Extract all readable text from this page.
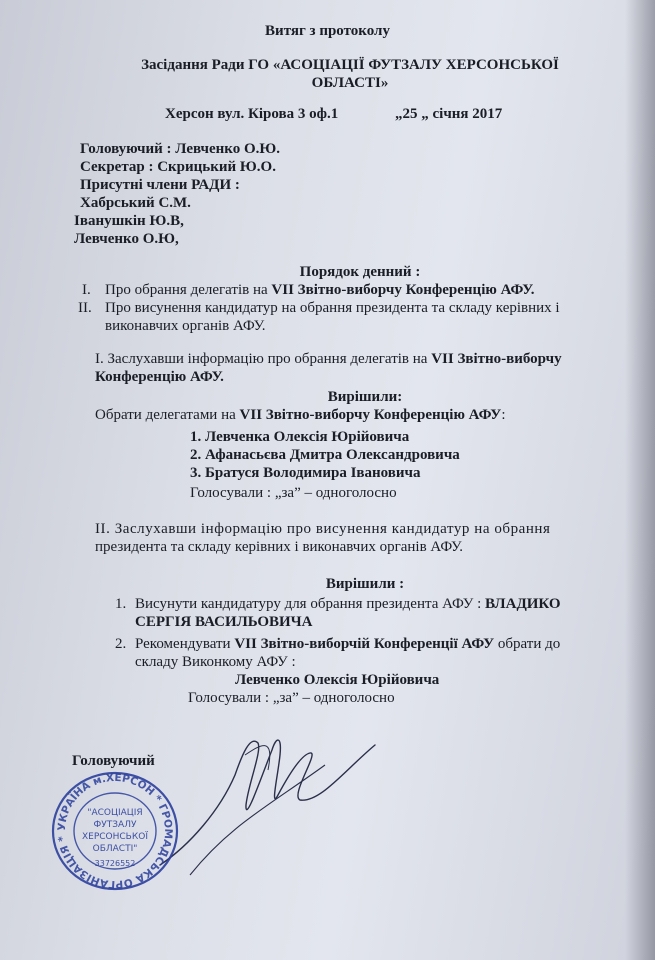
Витяг з протоколу
Засідання Ради ГО «АСОЦІАЦІЇ ФУТЗАЛУ ХЕРСОНСЬКОЇ
ОБЛАСТІ»
Херсон вул. Кірова 3 оф.1	„25 „ січня 2017
Головуючий : Левченко О.Ю.
Секретар : Скрицький Ю.О.
Присутні члени РАДИ :
Хабрський С.М.
Іванушкін Ю.В,
Левченко О.Ю,
Порядок денний :
I. Про обрання делегатів на VII Звітно-виборчу Конференцію АФУ.
II. Про висунення кандидатур на обрання президента та складу керівних і
виконавчих органів АФУ.
I. Заслухавши інформацію про обрання делегатів на VII Звітно-виборчу
Конференцію АФУ.
Вирішили:
Обрати делегатами на VII Звітно-виборчу Конференцію АФУ:
1. Левченка Олексія Юрійовича
2. Афанасьєва Дмитра Олександровича
3. Братуся Володимира Івановича
Голосували : „за” – одноголосно
II. Заслухавши інформацію про висунення кандидатур на обрання
президента та складу керівних і виконавчих органів АФУ.
Вирішили :
1. Висунути кандидатуру для обрання президента АФУ : ВЛАДИКО
СЕРГІЯ ВАСИЛЬОВИЧА
2. Рекомендувати VII Звітно-виборчій Конференції АФУ обрати до
складу Виконкому АФУ :
Левченко Олексія Юрійовича
Голосували : „за” – одноголосно
Головуючий
УКРАЇНА м.ХЕРСОН * ГРОМАДСЬКА ОРГАНІЗАЦІЯ *
"АСОЦІАЦІЯ
ФУТЗАЛУ
ХЕРСОНСЬКОЇ
ОБЛАСТІ"
33726552
